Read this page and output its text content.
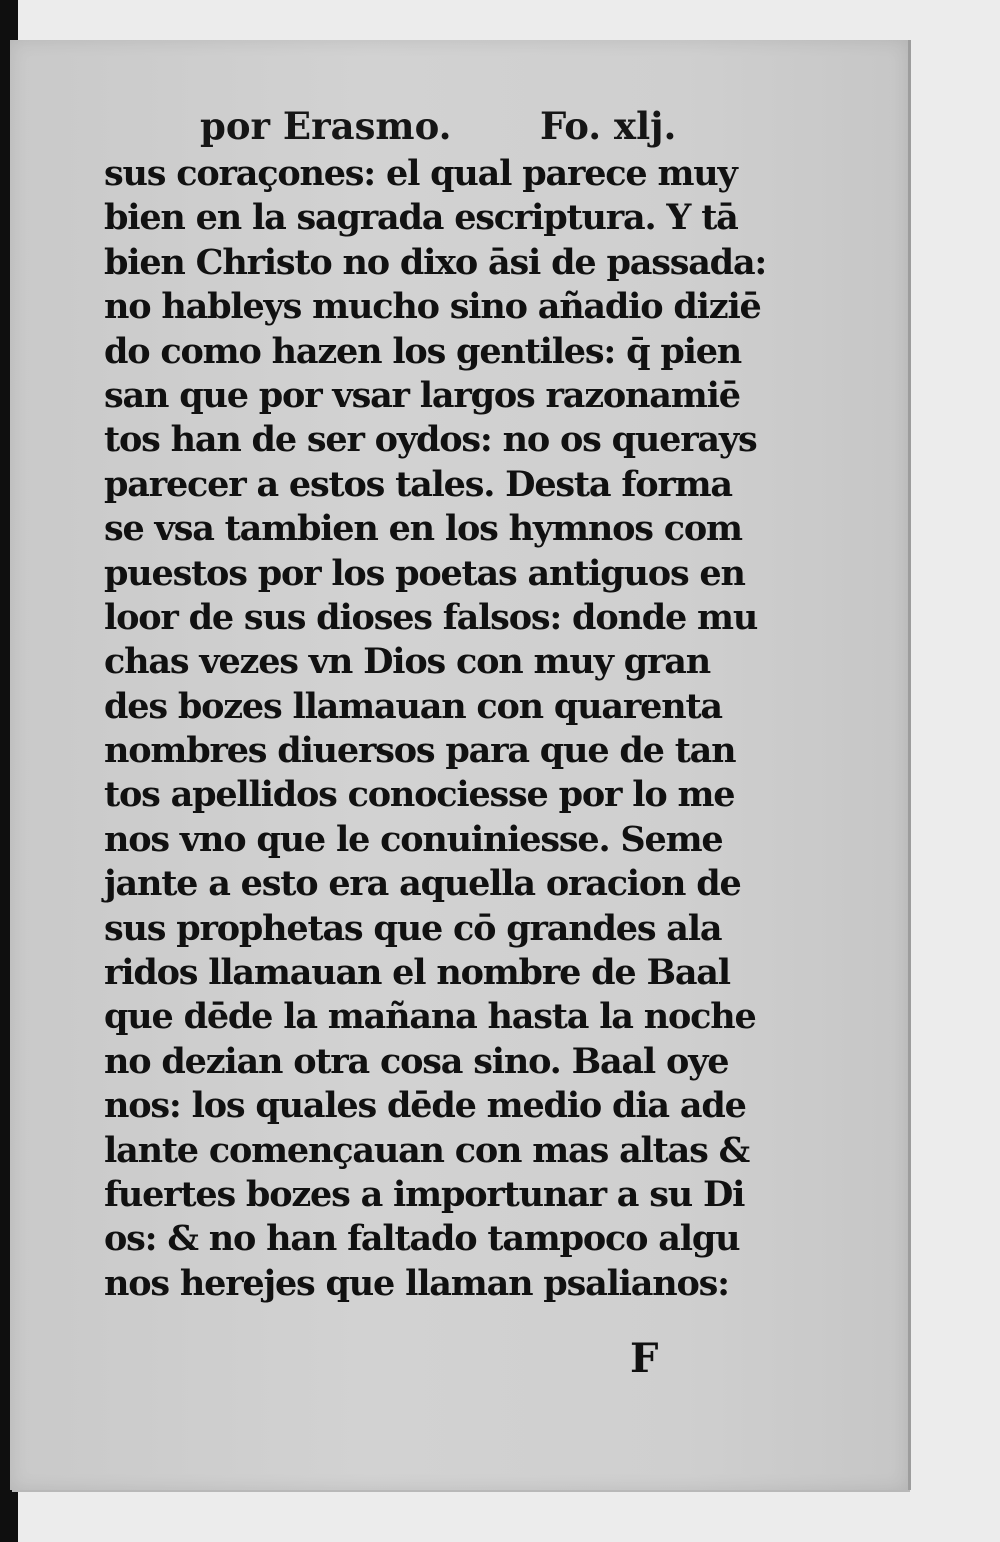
por Erasmo. Fo. xlj.
sus coraçones: el qual parece muy
bien en la sagrada escriptura. Y tā
bien Christo no dixo āsi de passada:
no hableys mucho sino añadio diziē
do como hazen los gentiles: q̄ pien
san que por vsar largos razonamiē
tos han de ser oydos: no os querays
parecer a estos tales. Desta forma
se vsa tambien en los hymnos com
puestos por los poetas antiguos en
loor de sus dioses falsos: donde mu
chas vezes vn Dios con muy gran
des bozes llamauan con quarenta
nombres diuersos para que de tan
tos apellidos conociesse por lo me
nos vno que le conuiniesse. Seme
jante a esto era aquella oracion de
sus prophetas que cō grandes ala
ridos llamauan el nombre de Baal
que dēde la mañana hasta la noche
no dezian otra cosa sino. Baal oye
nos: los quales dēde medio dia ade
lante començauan con mas altas &
fuertes bozes a importunar a su Di
os: & no han faltado tampoco algu
nos herejes que llaman psalianos:
F
